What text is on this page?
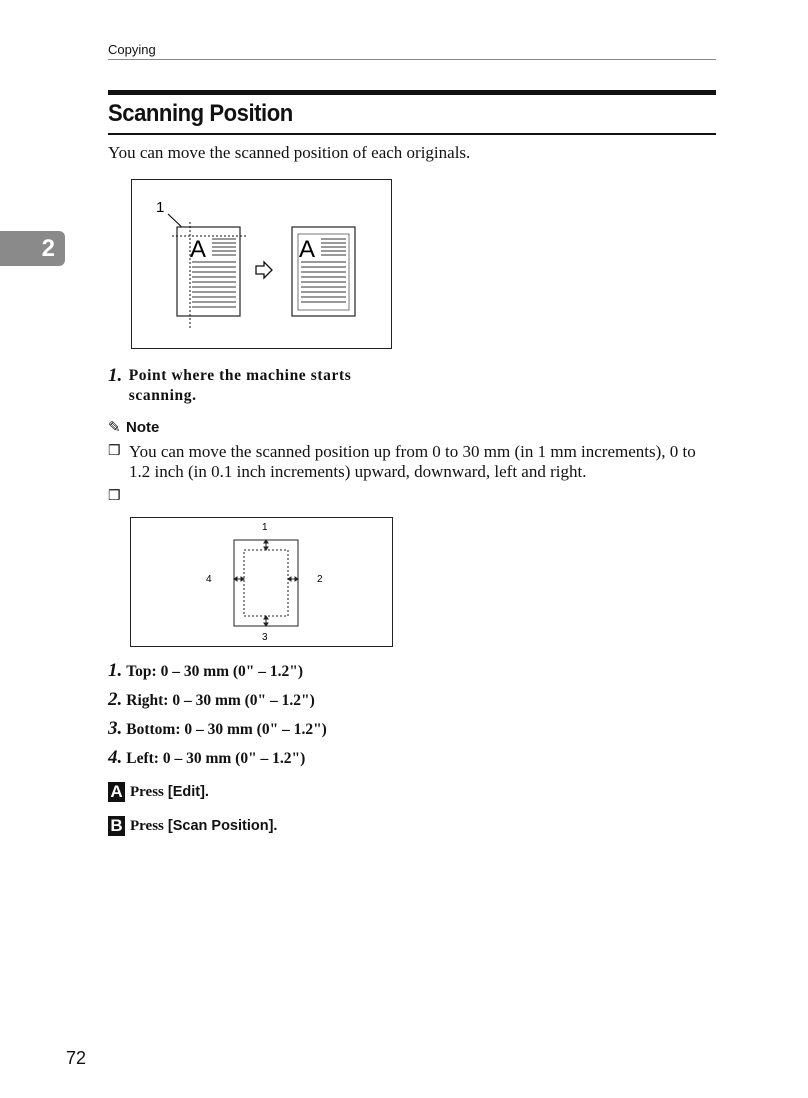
Copying
Scanning Position
You can move the scanned position of each originals.
2
1
A	A
1. Point where the machine starts scanning.
✎ Note
❒ You can move the scanned position up from 0 to 30 mm (in 1 mm increments), 0 to 1.2 inch (in 0.1 inch increments) upward, downward, left and right.
❒
1
2
3
4
1. Top: 0 – 30 mm (0" – 1.2")
2. Right: 0 – 30 mm (0" – 1.2")
3. Bottom: 0 – 30 mm (0" – 1.2")
4. Left: 0 – 30 mm (0" – 1.2")
A Press [Edit].
B Press [Scan Position].
72
